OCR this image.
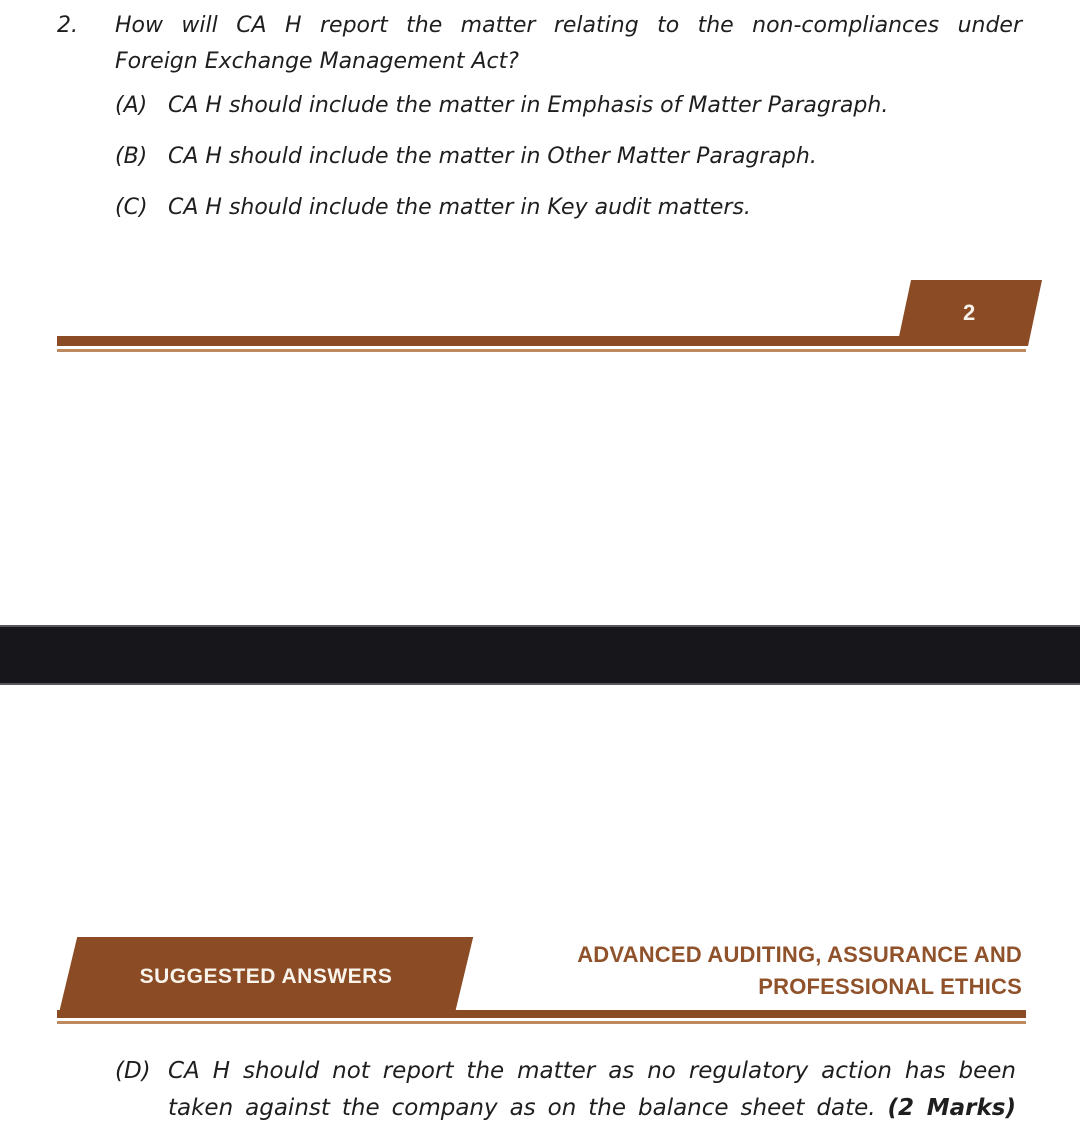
2.	How will CA H report the matter relating to the non-compliances under
Foreign Exchange Management Act?
(A) CA H should include the matter in Emphasis of Matter Paragraph.
(B) CA H should include the matter in Other Matter Paragraph.
(C) CA H should include the matter in Key audit matters.
2
SUGGESTED ANSWERS
ADVANCED AUDITING, ASSURANCE AND
PROFESSIONAL ETHICS
(D) CA H should not report the matter as no regulatory action has been
taken against the company as on the balance sheet date. (2 Marks)
